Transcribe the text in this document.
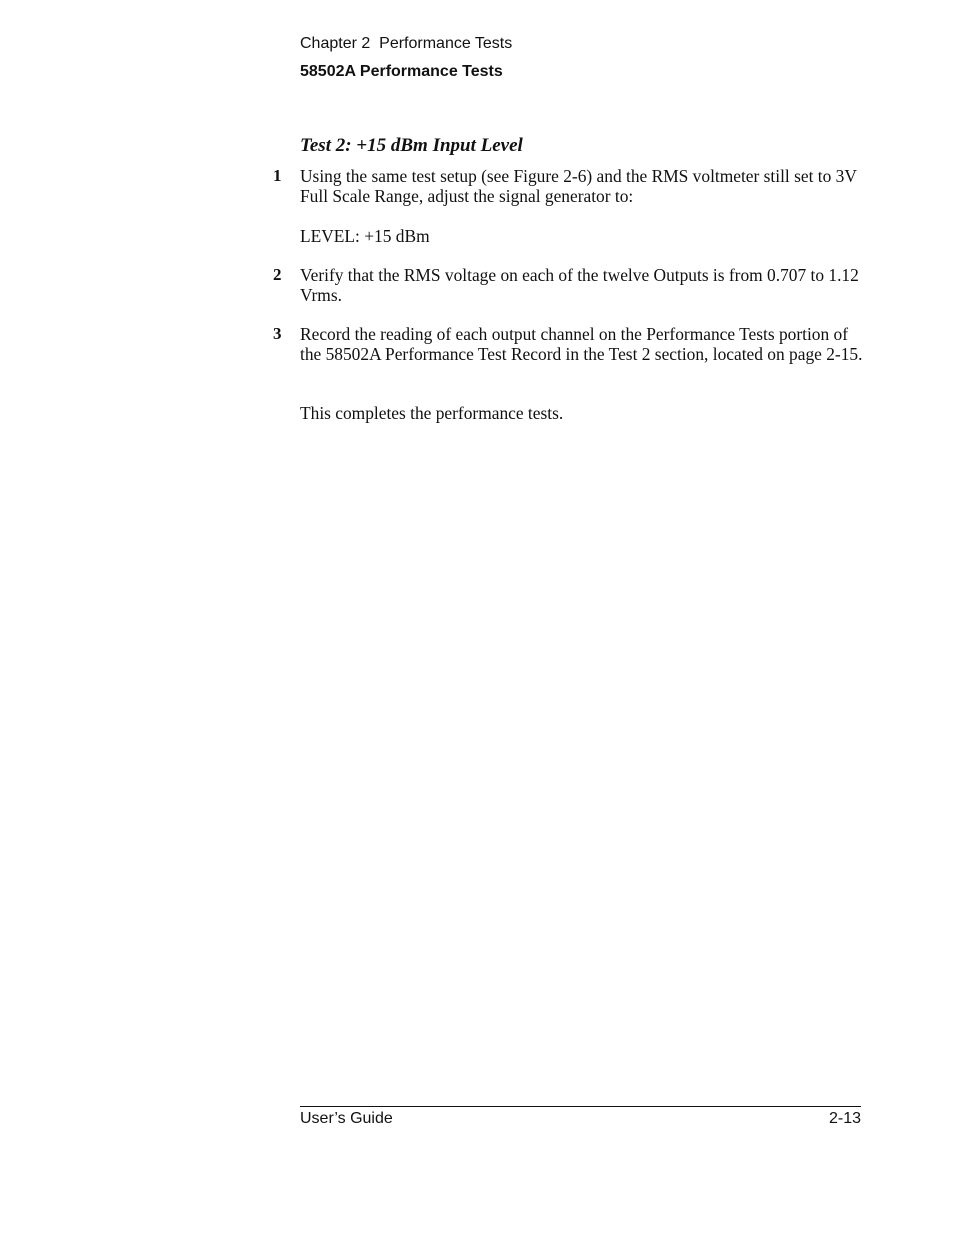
Chapter 2  Performance Tests
58502A Performance Tests
Test 2: +15 dBm Input Level
1 Using the same test setup (see Figure 2-6) and the RMS voltmeter still set to 3V Full Scale Range, adjust the signal generator to:
LEVEL: +15 dBm
2 Verify that the RMS voltage on each of the twelve Outputs is from 0.707 to 1.12 Vrms.
3 Record the reading of each output channel on the Performance Tests portion of the 58502A Performance Test Record in the Test 2 section, located on page 2-15.
This completes the performance tests.
User’s Guide	2-13
